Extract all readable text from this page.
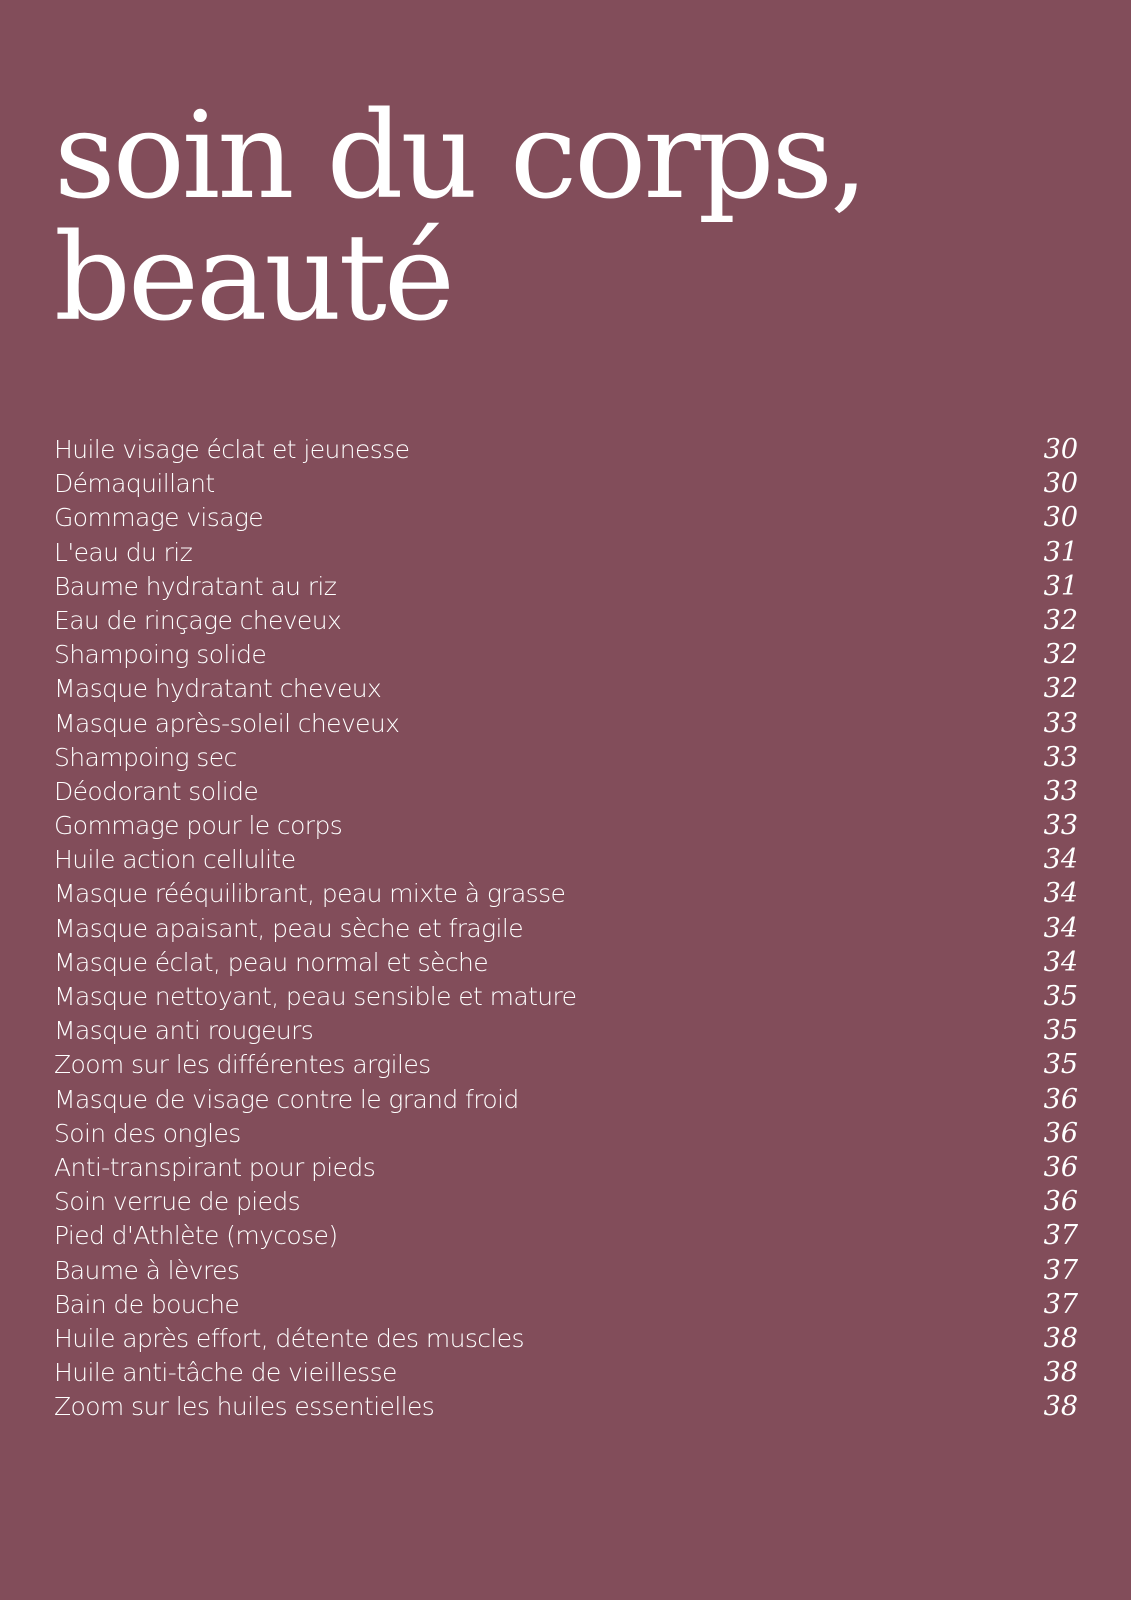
soin du corps,
beauté
Huile visage éclat et jeunesse	30
Démaquillant	30
Gommage visage	30
L'eau du riz	31
Baume hydratant au riz	31
Eau de rinçage cheveux	32
Shampoing solide	32
Masque hydratant cheveux	32
Masque après-soleil cheveux	33
Shampoing sec	33
Déodorant solide	33
Gommage pour le corps	33
Huile action cellulite	34
Masque rééquilibrant, peau mixte à grasse	34
Masque apaisant, peau sèche et fragile	34
Masque éclat, peau normal et sèche	34
Masque nettoyant, peau sensible et mature	35
Masque anti rougeurs	35
Zoom sur les différentes argiles	35
Masque de visage contre le grand froid	36
Soin des ongles	36
Anti-transpirant pour pieds	36
Soin verrue de pieds	36
Pied d'Athlète (mycose)	37
Baume à lèvres	37
Bain de bouche	37
Huile après effort, détente des muscles	38
Huile anti-tâche de vieillesse	38
Zoom sur les huiles essentielles	38
